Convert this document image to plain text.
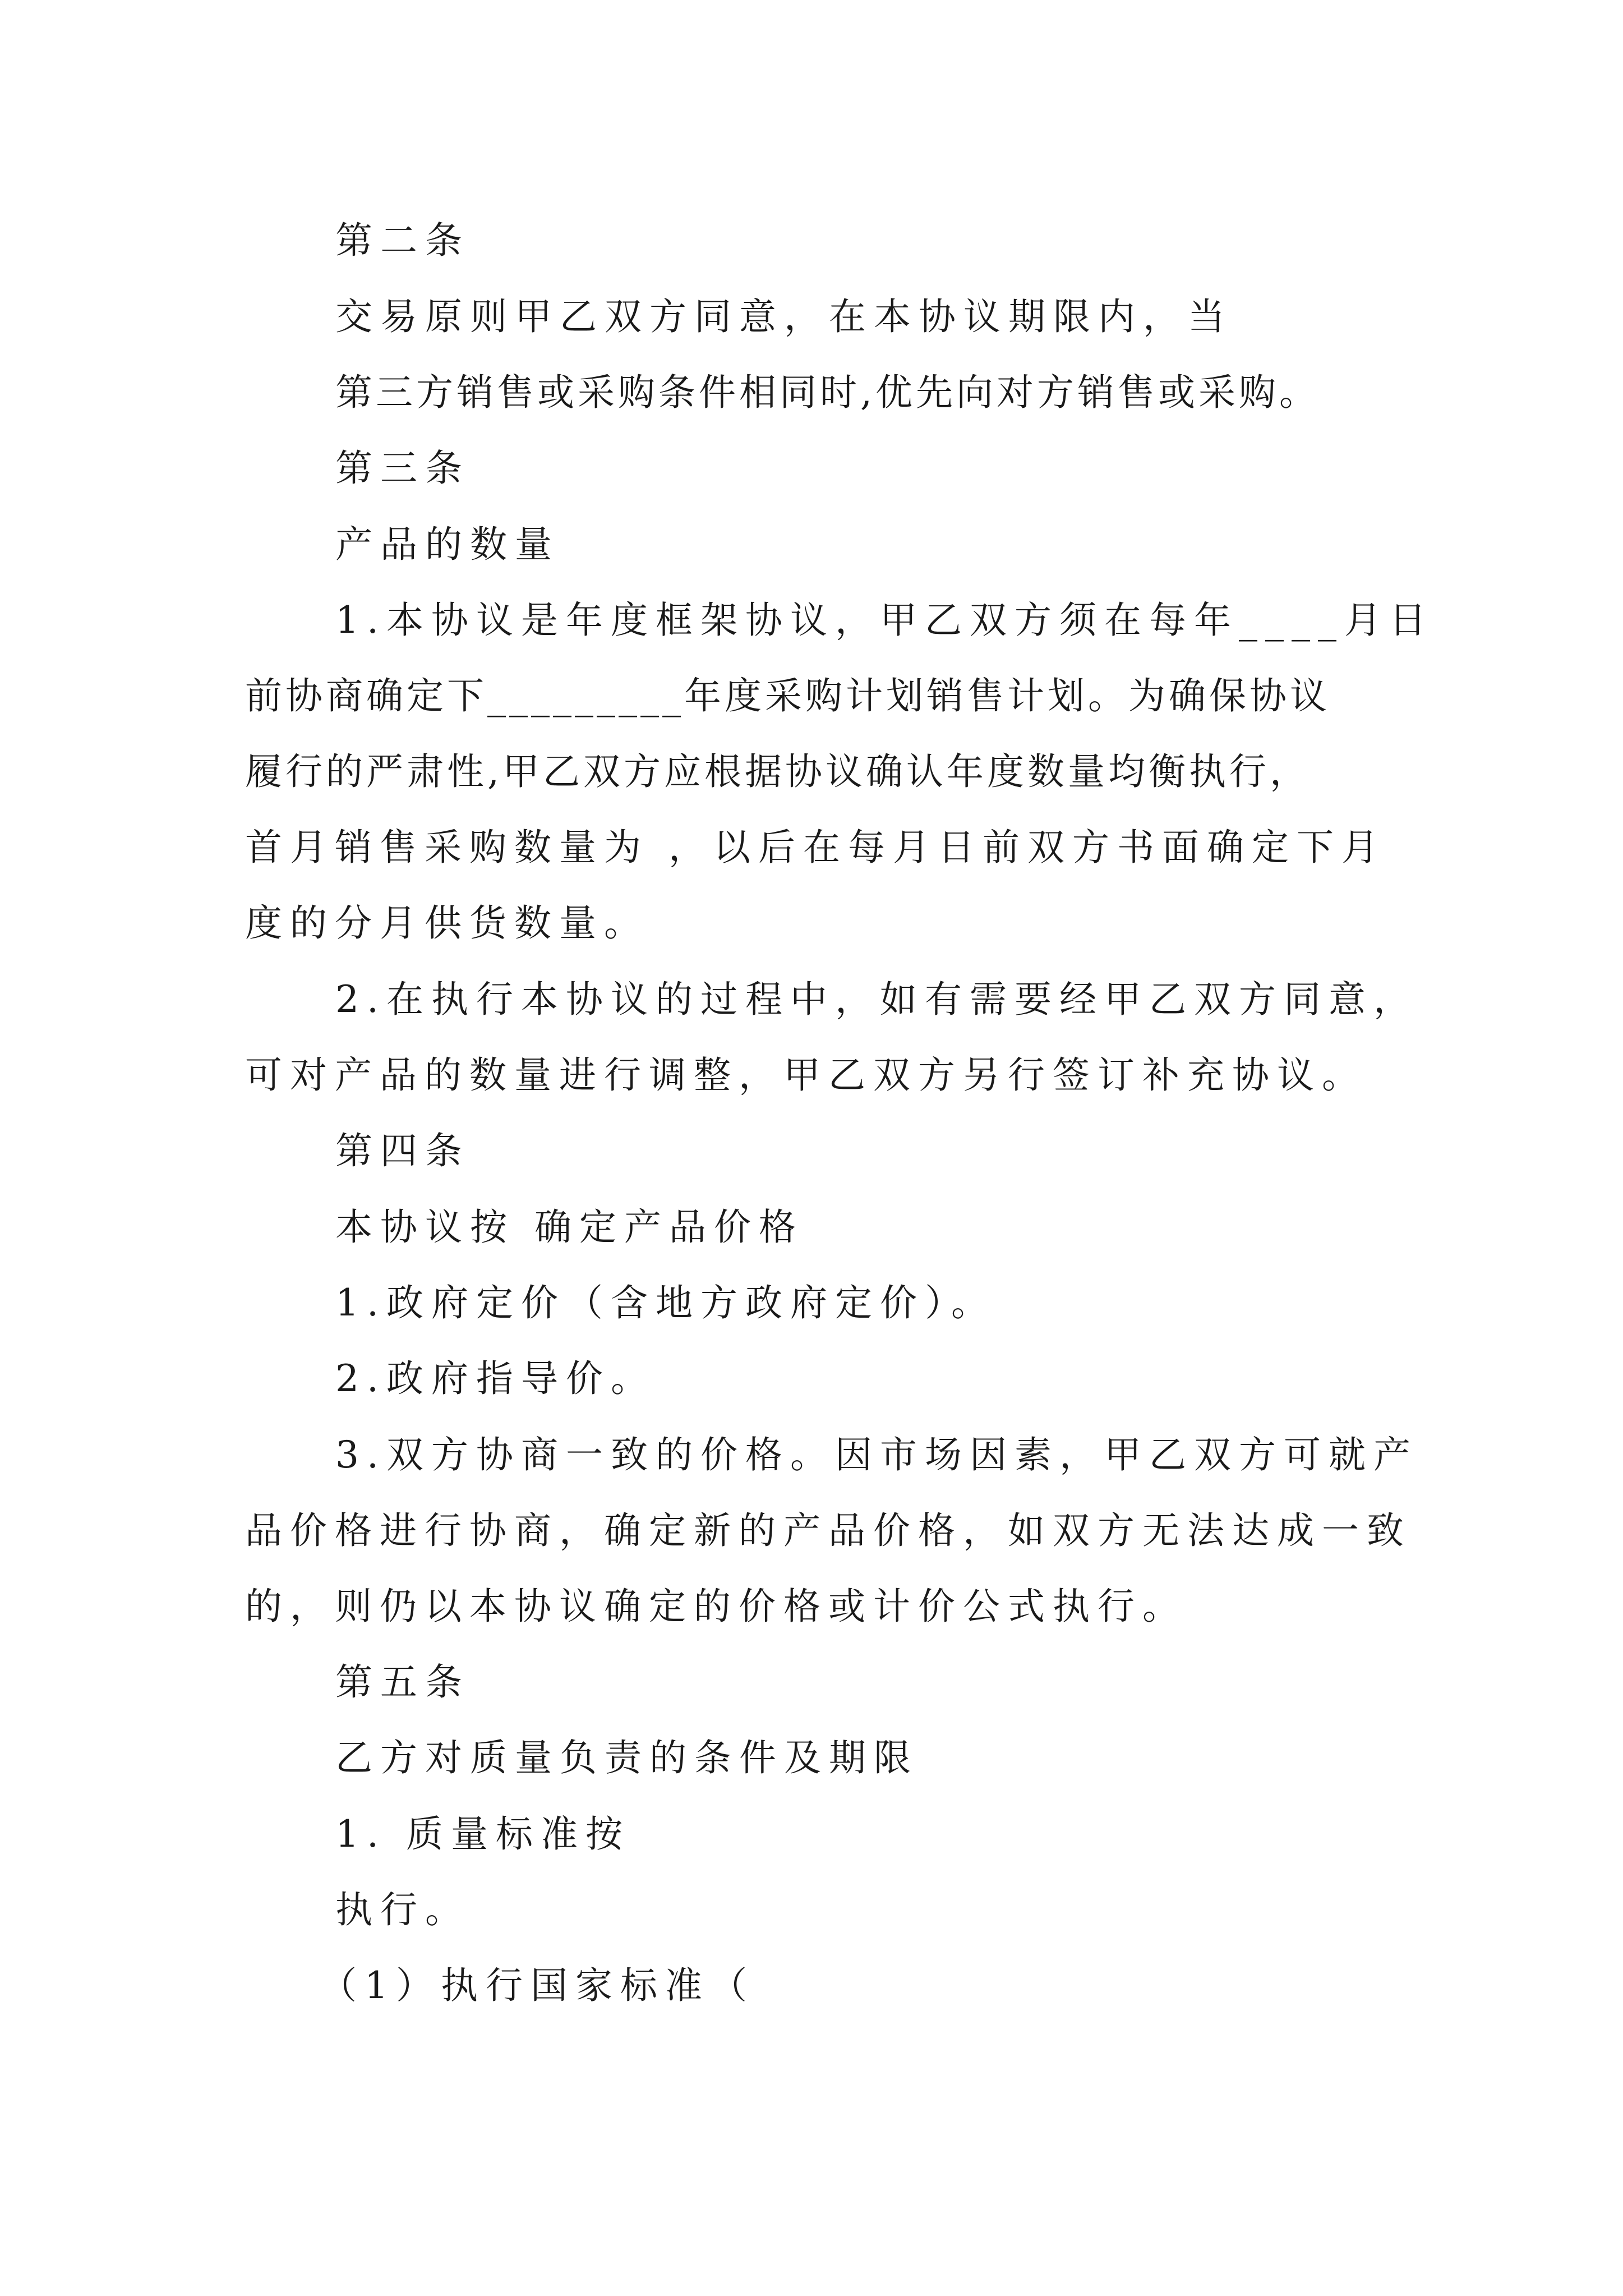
第二条
交易原则甲乙双方同意，在本协议期限内，当
第三方销售或采购条件相同时,优先向对方销售或采购。
第三条
产品的数量
1.本协议是年度框架协议，甲乙双方须在每年____月日
前协商确定下_________年度采购计划销售计划。为确保协议
履行的严肃性,甲乙双方应根据协议确认年度数量均衡执行，
首月销售采购数量为 ，以后在每月日前双方书面确定下月
度的分月供货数量。
2.在执行本协议的过程中，如有需要经甲乙双方同意，
可对产品的数量进行调整，甲乙双方另行签订补充协议。
第四条
本协议按 确定产品价格
1.政府定价（含地方政府定价）。
2.政府指导价。
3.双方协商一致的价格。因市场因素，甲乙双方可就产
品价格进行协商，确定新的产品价格，如双方无法达成一致
的，则仍以本协议确定的价格或计价公式执行。
第五条
乙方对质量负责的条件及期限
1. 质量标准按
执行。
（1）执行国家标准（
